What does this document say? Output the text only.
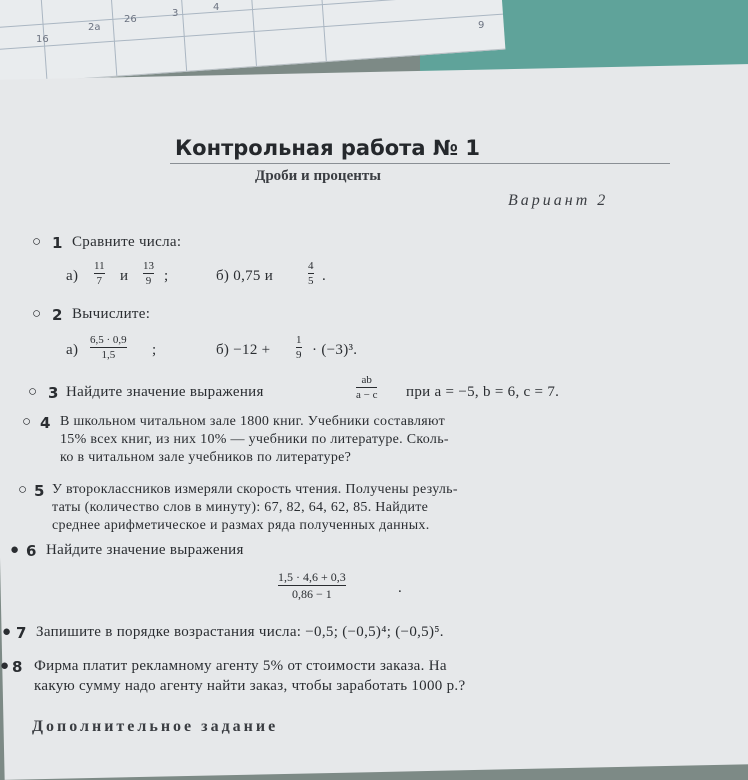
16
2a
26
3
4
9
Контрольная работа № 1
Дроби и проценты
Вариант 2
○ 1 Сравните числа:
а)
11
7 и
13
9 ;	б) 0,75 и
4
5 .
○ 2 Вычислите:
а)
6,5 · 0,9
1,5 ;	б) −12 +
1
9 · (−3)³.
○ 3 Найдите значение выражения
ab
a − c при a = −5, b = 6, c = 7.
○ 4 В школьном читальном зале 1800 книг. Учебники составляют
15% всех книг, из них 10% — учебники по литературе. Сколь-
ко в читальном зале учебников по литературе?
○ 5 У второклассников измеряли скорость чтения. Получены резуль-
таты (количество слов в минуту): 67, 82, 64, 62, 85. Найдите
среднее арифметическое и размах ряда полученных данных.
● 6 Найдите значение выражения
1,5 · 4,6 + 0,3
0,86 − 1	.
● 7 Запишите в порядке возрастания числа: −0,5; (−0,5)⁴; (−0,5)⁵.
● 8 Фирма платит рекламному агенту 5% от стоимости заказа. На
какую сумму надо агенту найти заказ, чтобы заработать 1000 р.?
Дополнительное задание
